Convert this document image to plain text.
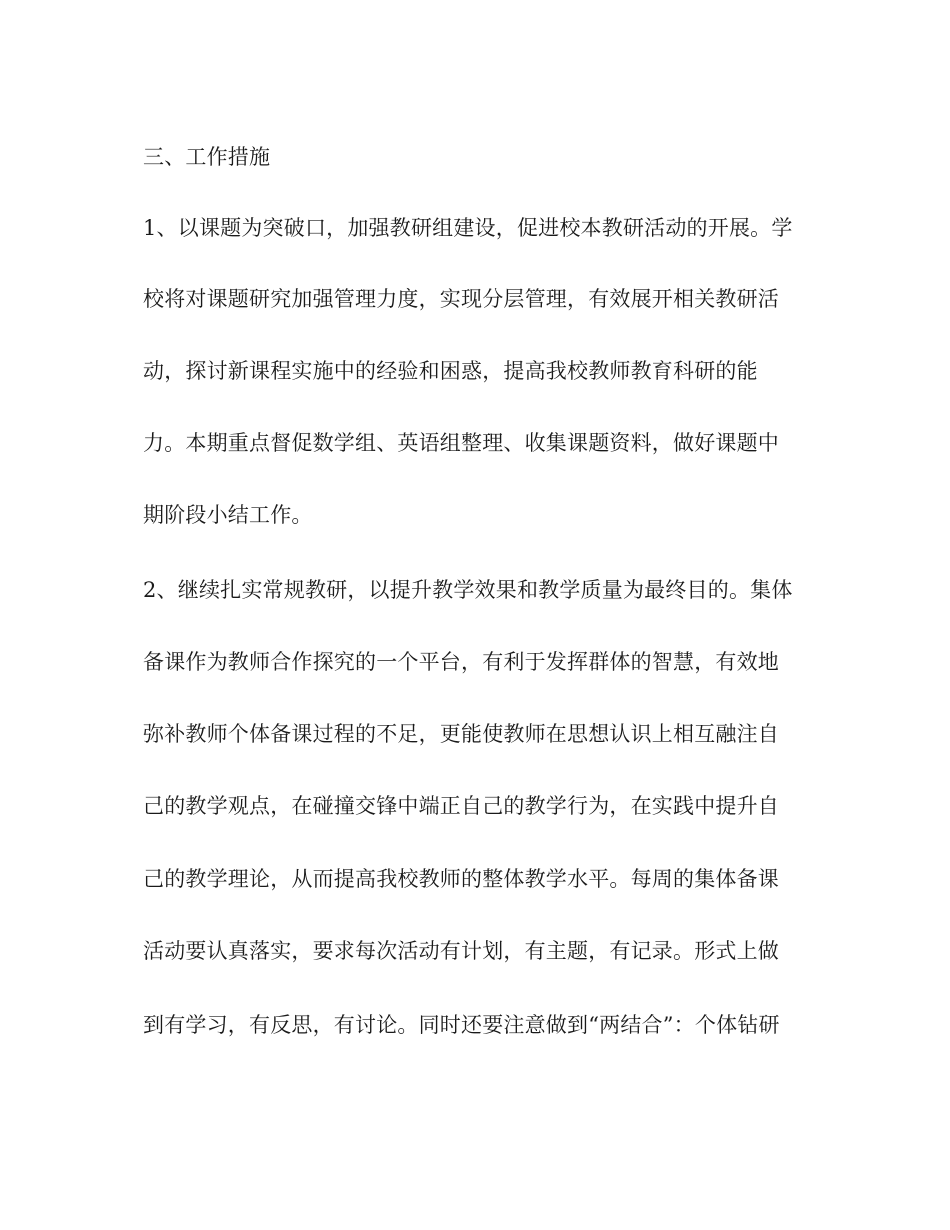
三、工作措施
1、以课题为突破口，加强教研组建设，促进校本教研活动的开展。学
校将对课题研究加强管理力度，实现分层管理，有效展开相关教研活
动，探讨新课程实施中的经验和困惑，提高我校教师教育科研的能
力。本期重点督促数学组、英语组整理、收集课题资料，做好课题中
期阶段小结工作。
2、继续扎实常规教研，以提升教学效果和教学质量为最终目的。集体
备课作为教师合作探究的一个平台，有利于发挥群体的智慧，有效地
弥补教师个体备课过程的不足，更能使教师在思想认识上相互融注自
己的教学观点，在碰撞交锋中端正自己的教学行为，在实践中提升自
己的教学理论，从而提高我校教师的整体教学水平。每周的集体备课
活动要认真落实，要求每次活动有计划，有主题，有记录。形式上做
到有学习，有反思，有讨论。同时还要注意做到“两结合”：个体钻研
